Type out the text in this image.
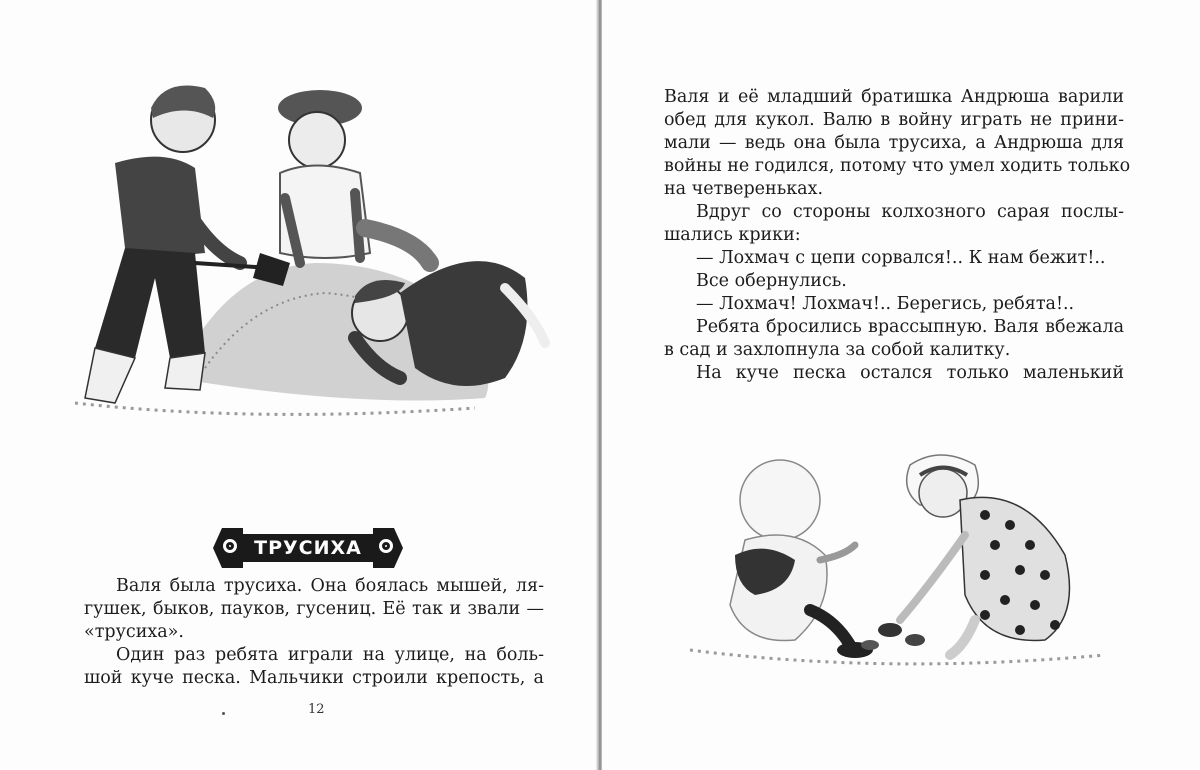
ТРУСИХА

Валя была трусиха. Она боялась мышей, ля-

гушек, быков, пауков, гусениц. Её так и звали —
«трусиха».

Один раз ребята играли на улице, на боль-

шой куче песка. Мальчики строили крепость, а

12

Валя и её младший братишка Андрюша варили
обед для кукол. Валю в войну играть не прини-
мали — ведь она была трусиха, а Андрюша для
войны не годился, потому что умел ходить только
на четвереньках.

Вдруг со стороны колхозного сарая послы-

шались крики:

— Лохмач с цепи сорвался!.. К нам бежит!..

Все обернулись.

— Лохмач! Лохмач!.. Берегись, ребята!..

Ребята бросились врассыпную. Валя вбежала

в сад и захлопнула за собой калитку.

На куче песка остался только маленький
